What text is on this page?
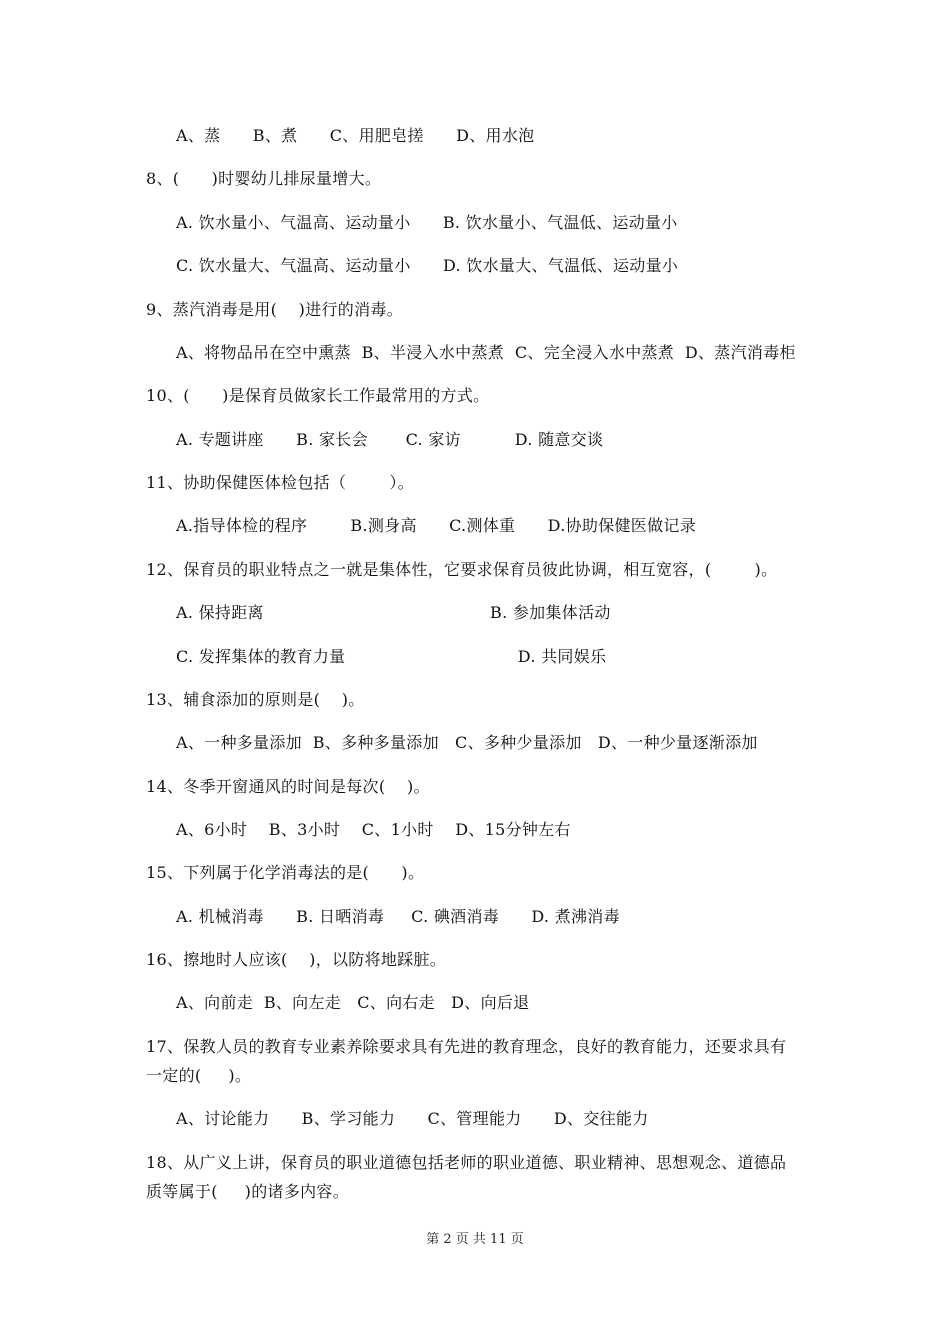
A、蒸      B、煮      C、用肥皂搓      D、用水泡
8、(      )时婴幼儿排尿量增大。
A. 饮水量小、气温高、运动量小      B. 饮水量小、气温低、运动量小
C. 饮水量大、气温高、运动量小      D. 饮水量大、气温低、运动量小
9、蒸汽消毒是用(    )进行的消毒。
A、将物品吊在空中熏蒸  B、半浸入水中蒸煮  C、完全浸入水中蒸煮  D、蒸汽消毒柜
10、(      )是保育员做家长工作最常用的方式。
A. 专题讲座      B. 家长会       C. 家访          D. 随意交谈
11、协助保健医体检包括（        ）。
A.指导体检的程序        B.测身高      C.测体重      D.协助保健医做记录
12、保育员的职业特点之一就是集体性，它要求保育员彼此协调，相互宽容，(        )。
A. 保持距离                                          B. 参加集体活动
C. 发挥集体的教育力量                                D. 共同娱乐
13、辅食添加的原则是(    )。
A、一种多量添加  B、多种多量添加   C、多种少量添加   D、一种少量逐渐添加
14、冬季开窗通风的时间是每次(    )。
A、6小时    B、3小时    C、1小时    D、15分钟左右
15、下列属于化学消毒法的是(      )。
A. 机械消毒      B. 日晒消毒     C. 碘酒消毒      D. 煮沸消毒
16、擦地时人应该(    )，以防将地踩脏。
A、向前走  B、向左走   C、向右走   D、向后退
17、保教人员的教育专业素养除要求具有先进的教育理念，良好的教育能力，还要求具有
一定的(     )。
A、讨论能力      B、学习能力      C、管理能力      D、交往能力
18、从广义上讲，保育员的职业道德包括老师的职业道德、职业精神、思想观念、道德品
质等属于(     )的诸多内容。
第 2 页 共 11 页
